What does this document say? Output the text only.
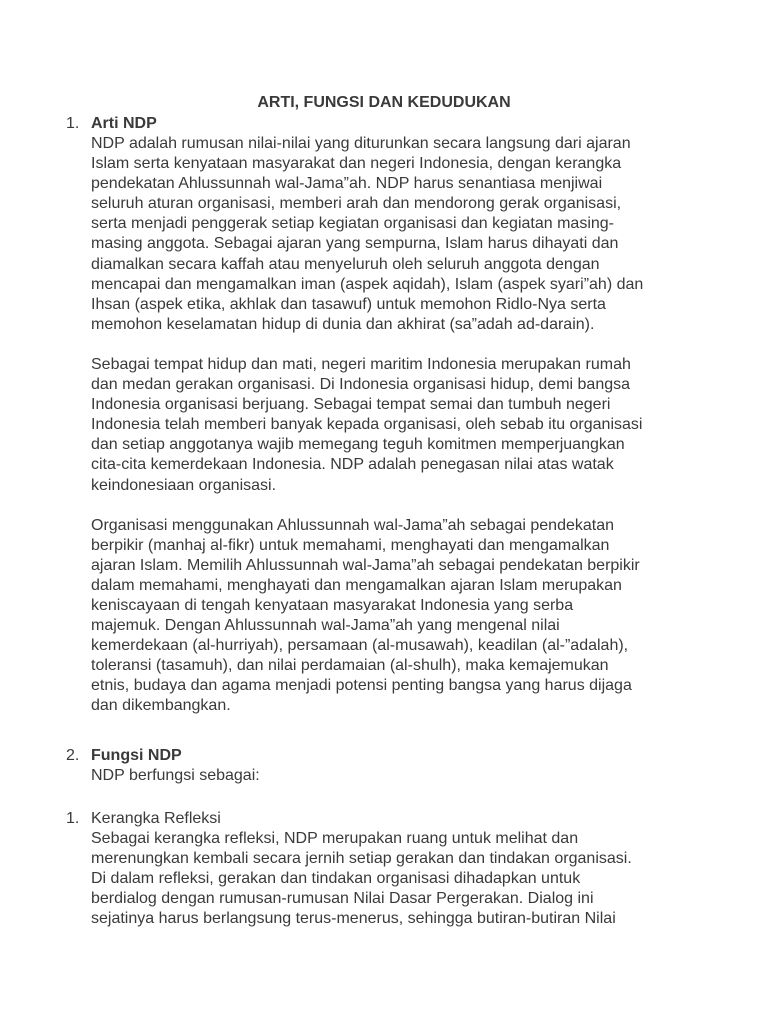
ARTI, FUNGSI DAN KEDUDUKAN
1. Arti NDP

NDP adalah rumusan nilai-nilai yang diturunkan secara langsung dari ajaran
Islam serta kenyataan masyarakat dan negeri Indonesia, dengan kerangka
pendekatan Ahlussunnah wal-Jama”ah. NDP harus senantiasa menjiwai
seluruh aturan organisasi, memberi arah dan mendorong gerak organisasi,
serta menjadi penggerak setiap kegiatan organisasi dan kegiatan masing-
masing anggota. Sebagai ajaran yang sempurna, Islam harus dihayati dan
diamalkan secara kaffah atau menyeluruh oleh seluruh anggota dengan
mencapai dan mengamalkan iman (aspek aqidah), Islam (aspek syari”ah) dan
Ihsan (aspek etika, akhlak dan tasawuf) untuk memohon Ridlo-Nya serta
memohon keselamatan hidup di dunia dan akhirat (sa”adah ad-darain).

Sebagai tempat hidup dan mati, negeri maritim Indonesia merupakan rumah
dan medan gerakan organisasi. Di Indonesia organisasi hidup, demi bangsa
Indonesia organisasi berjuang. Sebagai tempat semai dan tumbuh negeri
Indonesia telah memberi banyak kepada organisasi, oleh sebab itu organisasi
dan setiap anggotanya wajib memegang teguh komitmen memperjuangkan
cita-cita kemerdekaan Indonesia. NDP adalah penegasan nilai atas watak
keindonesiaan organisasi.

Organisasi menggunakan Ahlussunnah wal-Jama”ah sebagai pendekatan
berpikir (manhaj al-fikr) untuk memahami, menghayati dan mengamalkan
ajaran Islam. Memilih Ahlussunnah wal-Jama”ah sebagai pendekatan berpikir
dalam memahami, menghayati dan mengamalkan ajaran Islam merupakan
keniscayaan di tengah kenyataan masyarakat Indonesia yang serba
majemuk. Dengan Ahlussunnah wal-Jama”ah yang mengenal nilai
kemerdekaan (al-hurriyah), persamaan (al-musawah), keadilan (al-”adalah),
toleransi (tasamuh), dan nilai perdamaian (al-shulh), maka kemajemukan
etnis, budaya dan agama menjadi potensi penting bangsa yang harus dijaga
dan dikembangkan.

2. Fungsi NDP

NDP berfungsi sebagai:

1. Kerangka Refleksi

Sebagai kerangka refleksi, NDP merupakan ruang untuk melihat dan
merenungkan kembali secara jernih setiap gerakan dan tindakan organisasi.
Di dalam refleksi, gerakan dan tindakan organisasi dihadapkan untuk
berdialog dengan rumusan-rumusan Nilai Dasar Pergerakan. Dialog ini
sejatinya harus berlangsung terus-menerus, sehingga butiran-butiran Nilai
